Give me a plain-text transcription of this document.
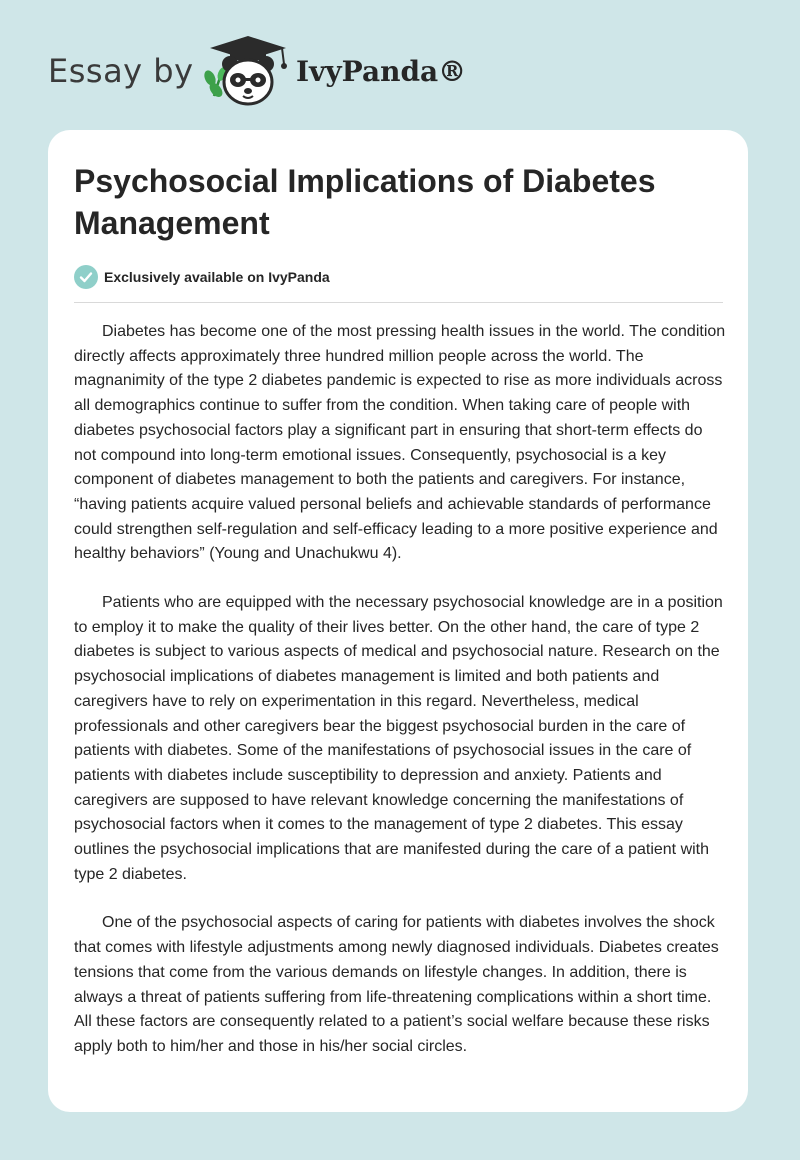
Essay by	IvyPanda®
Psychosocial Implications of Diabetes Management
Exclusively available on IvyPanda

Diabetes has become one of the most pressing health issues in the world. The condition directly affects approximately three hundred million people across the world. The magnanimity of the type 2 diabetes pandemic is expected to rise as more individuals across all demographics continue to suffer from the condition. When taking care of people with diabetes psychosocial factors play a significant part in ensuring that short-term effects do not compound into long-term emotional issues. Consequently, psychosocial is a key component of diabetes management to both the patients and caregivers. For instance, “having patients acquire valued personal beliefs and achievable standards of performance could strengthen self-regulation and self-efficacy leading to a more positive experience and healthy behaviors” (Young and Unachukwu 4).

Patients who are equipped with the necessary psychosocial knowledge are in a position to employ it to make the quality of their lives better. On the other hand, the care of type 2 diabetes is subject to various aspects of medical and psychosocial nature. Research on the psychosocial implications of diabetes management is limited and both patients and caregivers have to rely on experimentation in this regard. Nevertheless, medical professionals and other caregivers bear the biggest psychosocial burden in the care of patients with diabetes. Some of the manifestations of psychosocial issues in the care of patients with diabetes include susceptibility to depression and anxiety. Patients and caregivers are supposed to have relevant knowledge concerning the manifestations of psychosocial factors when it comes to the management of type 2 diabetes. This essay outlines the psychosocial implications that are manifested during the care of a patient with type 2 diabetes.

One of the psychosocial aspects of caring for patients with diabetes involves the shock that comes with lifestyle adjustments among newly diagnosed individuals. Diabetes creates tensions that come from the various demands on lifestyle changes. In addition, there is always a threat of patients suffering from life-threatening complications within a short time. All these factors are consequently related to a patient’s social welfare because these risks apply both to him/her and those in his/her social circles.
